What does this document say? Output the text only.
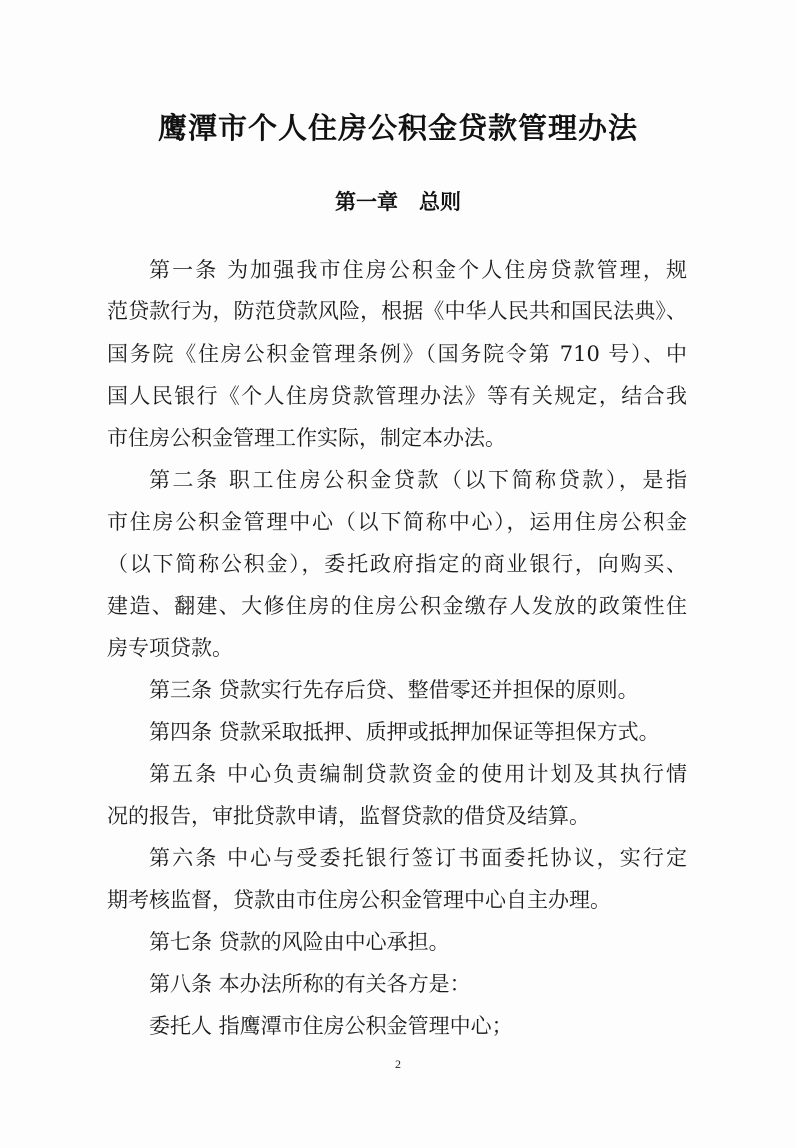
鹰潭市个人住房公积金贷款管理办法
第一章　总则
第一条 为加强我市住房公积金个人住房贷款管理，规
范贷款行为，防范贷款风险，根据《中华人民共和国民法典》、
国务院《住房公积金管理条例》（国务院令第 710 号）、中
国人民银行《个人住房贷款管理办法》等有关规定，结合我
市住房公积金管理工作实际，制定本办法。
第二条 职工住房公积金贷款（以下简称贷款），是指
市住房公积金管理中心（以下简称中心），运用住房公积金
（以下简称公积金），委托政府指定的商业银行，向购买、
建造、翻建、大修住房的住房公积金缴存人发放的政策性住
房专项贷款。
第三条 贷款实行先存后贷、整借零还并担保的原则。
第四条 贷款采取抵押、质押或抵押加保证等担保方式。
第五条 中心负责编制贷款资金的使用计划及其执行情
况的报告，审批贷款申请，监督贷款的借贷及结算。
第六条 中心与受委托银行签订书面委托协议，实行定
期考核监督，贷款由市住房公积金管理中心自主办理。
第七条 贷款的风险由中心承担。
第八条 本办法所称的有关各方是：
委托人 指鹰潭市住房公积金管理中心；
2
